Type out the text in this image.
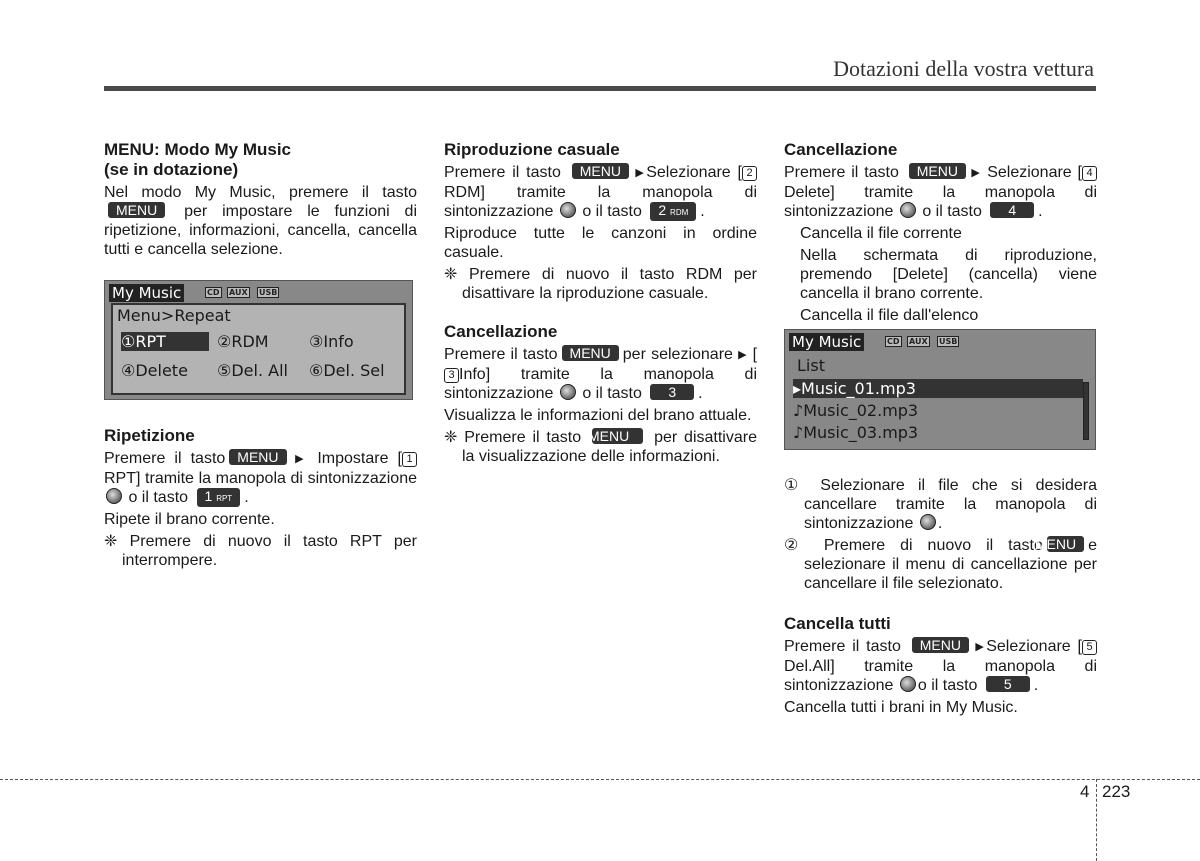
Dotazioni della vostra vettura
MENU: Modo My Music
(se in dotazione)

Nel modo My Music, premere il tasto MENU per impostare le funzioni di ripetizione, informazioni, cancella, cancella tutti e cancella selezione.

My Music	CD AUX USB
Menu>Repeat
①RPT	②RDM	③Info
④Delete ⑤Del. All ⑥Del. Sel
Ripetizione

Premere il tasto MENU ▶ Impostare [ 1RPT] tramite la manopola di sintonizzazione  o il tasto 1 RPT .

Ripete il brano corrente.

❈ Premere di nuovo il tasto RPT per interrompere.

Riproduzione casuale

Premere il tasto MENU ▶Selezionare [ 2RDM] tramite la manopola di sintonizzazione o il tasto 2 RDM .

Riproduce tutte le canzoni in ordine casuale.

❈ Premere di nuovo il tasto RDM per disattivare la riproduzione casuale.

Cancellazione

Premere il tasto MENU per selezionare ▶ [3 Info] tramite la manopola di sintonizzazione o il tasto 3 .

Visualizza le informazioni del brano attuale.

❈ Premere il tasto MENU per disattivare la visualizzazione delle informazioni.

Cancellazione

Premere il tasto MENU ▶ Selezionare [ 4Delete] tramite la manopola di sintonizzazione o il tasto 4 .

Cancella il file corrente

Nella schermata di riproduzione, premendo [Delete] (cancella) viene cancella il brano corrente.

Cancella il file dall'elenco

My Music	CD AUX USB
List
▸Music_01.mp3
♪Music_02.mp3
♪Music_03.mp3

① Selezionare il file che si desidera cancellare tramite la manopola di sintonizzazione .

② Premere di nuovo il tastoMENU e selezionare il menu di cancellazione per cancellare il file selezionato.

Cancella tutti

Premere il tasto MENU ▶Selezionare [ 5Del.All] tramite la manopola di sintonizzazione o il tasto 5 .

Cancella tutti i brani in My Music.

4 223
